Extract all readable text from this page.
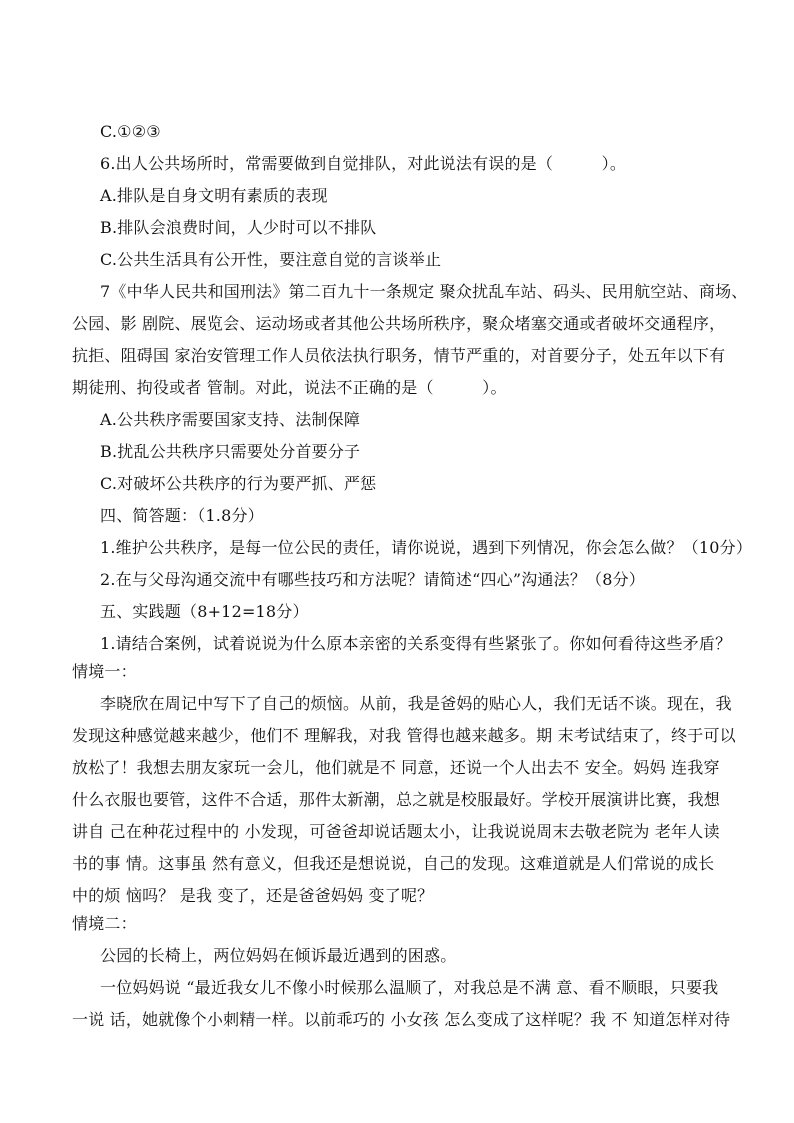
C.①②③
6.出人公共场所时，常需要做到自觉排队，对此说法有误的是（　　　）。
A.排队是自身文明有素质的表现
B.排队会浪费时间，人少时可以不排队
C.公共生活具有公开性，要注意自觉的言谈举止
7《中华人民共和国刑法》第二百九十一条规定 聚众扰乱车站、码头、民用航空站、商场、
公园、影 剧院、展览会、运动场或者其他公共场所秩序，聚众堵塞交通或者破坏交通程序，
抗拒、阻碍国 家治安管理工作人员依法执行职务，情节严重的，对首要分子，处五年以下有
期徒刑、拘役或者 管制。对此，说法不正确的是（　　　）。
A.公共秩序需要国家支持、法制保障
B.扰乱公共秩序只需要处分首要分子
C.对破坏公共秩序的行为要严抓、严惩
四、简答题：（1.8分）
1.维护公共秩序，是每一位公民的责任，请你说说，遇到下列情况，你会怎么做？（10分）
2.在与父母沟通交流中有哪些技巧和方法呢？请简述“四心”沟通法？（8分）
五、实践题（8+12=18分）
1.请结合案例，试着说说为什么原本亲密的关系变得有些紧张了。你如何看待这些矛盾？
情境一：
李晓欣在周记中写下了自己的烦恼。从前，我是爸妈的贴心人，我们无话不谈。现在，我
发现这种感觉越来越少，他们不 理解我，对我 管得也越来越多。期 末考试结束了，终于可以
放松了！我想去朋友家玩一会儿，他们就是不 同意，还说一个人出去不 安全。妈妈 连我穿
什么衣服也要管，这件不合适，那件太新潮，总之就是校服最好。学校开展演讲比赛，我想
讲自 己在种花过程中的 小发现，可爸爸却说话题太小，让我说说周末去敬老院为 老年人读
书的事 情。这事虽 然有意义，但我还是想说说，自己的发现。这难道就是人们常说的成长
中的烦 恼吗？ 是我 变了，还是爸爸妈妈 变了呢？
情境二：
公园的长椅上，两位妈妈在倾诉最近遇到的困惑。
一位妈妈说 “最近我女儿不像小时候那么温顺了，对我总是不满 意、看不顺眼，只要我
一说 话，她就像个小刺精一样。以前乖巧的 小女孩 怎么变成了这样呢？我 不 知道怎样对待
